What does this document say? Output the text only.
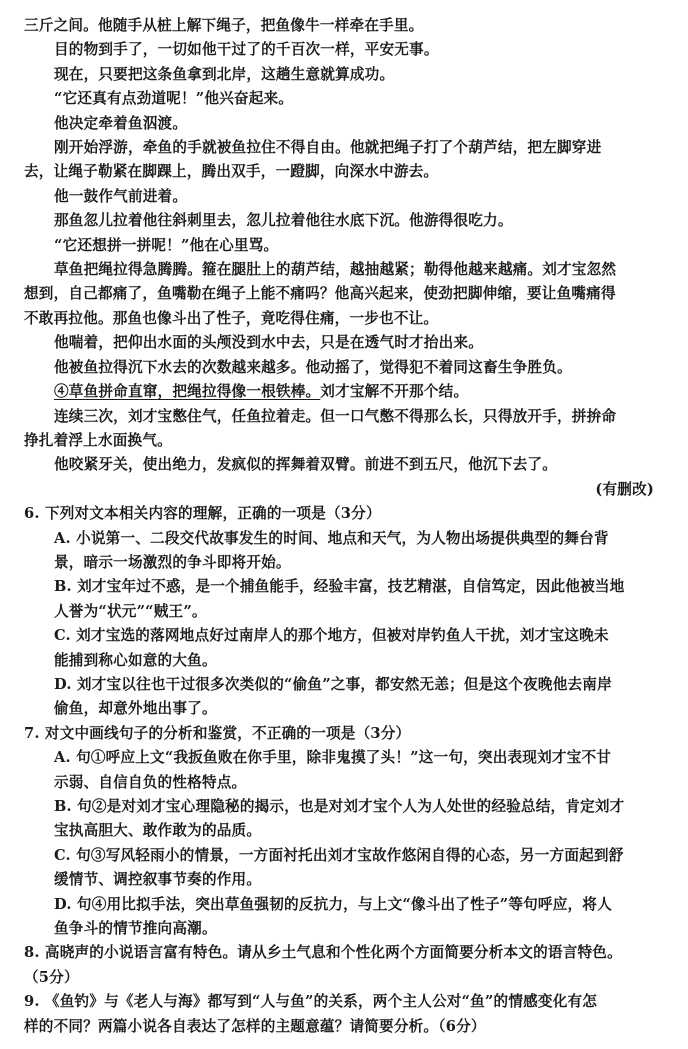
三斤之间。他随手从桩上解下绳子，把鱼像牛一样牵在手里。
目的物到手了，一切如他干过了的千百次一样，平安无事。
现在，只要把这条鱼拿到北岸，这趟生意就算成功。
“它还真有点劲道呢！”他兴奋起来。
他决定牵着鱼泅渡。
刚开始浮游，牵鱼的手就被鱼拉住不得自由。他就把绳子打了个葫芦结，把左脚穿进
去，让绳子勒紧在脚踝上，腾出双手，一蹬脚，向深水中游去。
他一鼓作气前进着。
那鱼忽儿拉着他往斜刺里去，忽儿拉着他往水底下沉。他游得很吃力。
“它还想拼一拼呢！”他在心里骂。
草鱼把绳拉得急腾腾。箍在腿肚上的葫芦结，越抽越紧；勒得他越来越痛。刘才宝忽然
想到，自己都痛了，鱼嘴勒在绳子上能不痛吗？他高兴起来，使劲把脚伸缩，要让鱼嘴痛得
不敢再拉他。那鱼也像斗出了性子，竟吃得住痛，一步也不让。
他喘着，把仰出水面的头颅没到水中去，只是在透气时才抬出来。
他被鱼拉得沉下水去的次数越来越多。他动摇了，觉得犯不着同这畜生争胜负。
④草鱼拼命直窜，把绳拉得像一根铁棒。刘才宝解不开那个结。
连续三次，刘才宝憋住气，任鱼拉着走。但一口气憋不得那么长，只得放开手，拼拚命
挣扎着浮上水面换气。
他咬紧牙关，使出绝力，发疯似的挥舞着双臂。前进不到五尺，他沉下去了。
(有删改)
6. 下列对文本相关内容的理解，正确的一项是（3分）
A. 小说第一、二段交代故事发生的时间、地点和天气，为人物出场提供典型的舞台背
景，暗示一场激烈的争斗即将开始。
B. 刘才宝年过不惑，是一个捕鱼能手，经验丰富，技艺精湛，自信笃定，因此他被当地
人誉为“状元”“贼王”。
C. 刘才宝选的落网地点好过南岸人的那个地方，但被对岸钓鱼人干扰，刘才宝这晚未
能捕到称心如意的大鱼。
D. 刘才宝以往也干过很多次类似的“偷鱼”之事，都安然无恙；但是这个夜晚他去南岸
偷鱼，却意外地出事了。
7. 对文中画线句子的分析和鉴赏，不正确的一项是（3分）
A. 句①呼应上文“我扳鱼败在你手里，除非鬼摸了头！”这一句，突出表现刘才宝不甘
示弱、自信自负的性格特点。
B. 句②是对刘才宝心理隐秘的揭示，也是对刘才宝个人为人处世的经验总结，肯定刘才
宝执高胆大、敢作敢为的品质。
C. 句③写风轻雨小的情景，一方面衬托出刘才宝故作悠闲自得的心态，另一方面起到舒
缓情节、调控叙事节奏的作用。
D. 句④用比拟手法，突出草鱼强韧的反抗力，与上文“像斗出了性子”等句呼应，将人
鱼争斗的情节推向高潮。
8. 高晓声的小说语言富有特色。请从乡土气息和个性化两个方面简要分析本文的语言特色。
（5分）
9. 《鱼钓》与《老人与海》都写到“人与鱼”的关系，两个主人公对“鱼”的情感变化有怎
样的不同？两篇小说各自表达了怎样的主题意蕴？请简要分析。（6分）
